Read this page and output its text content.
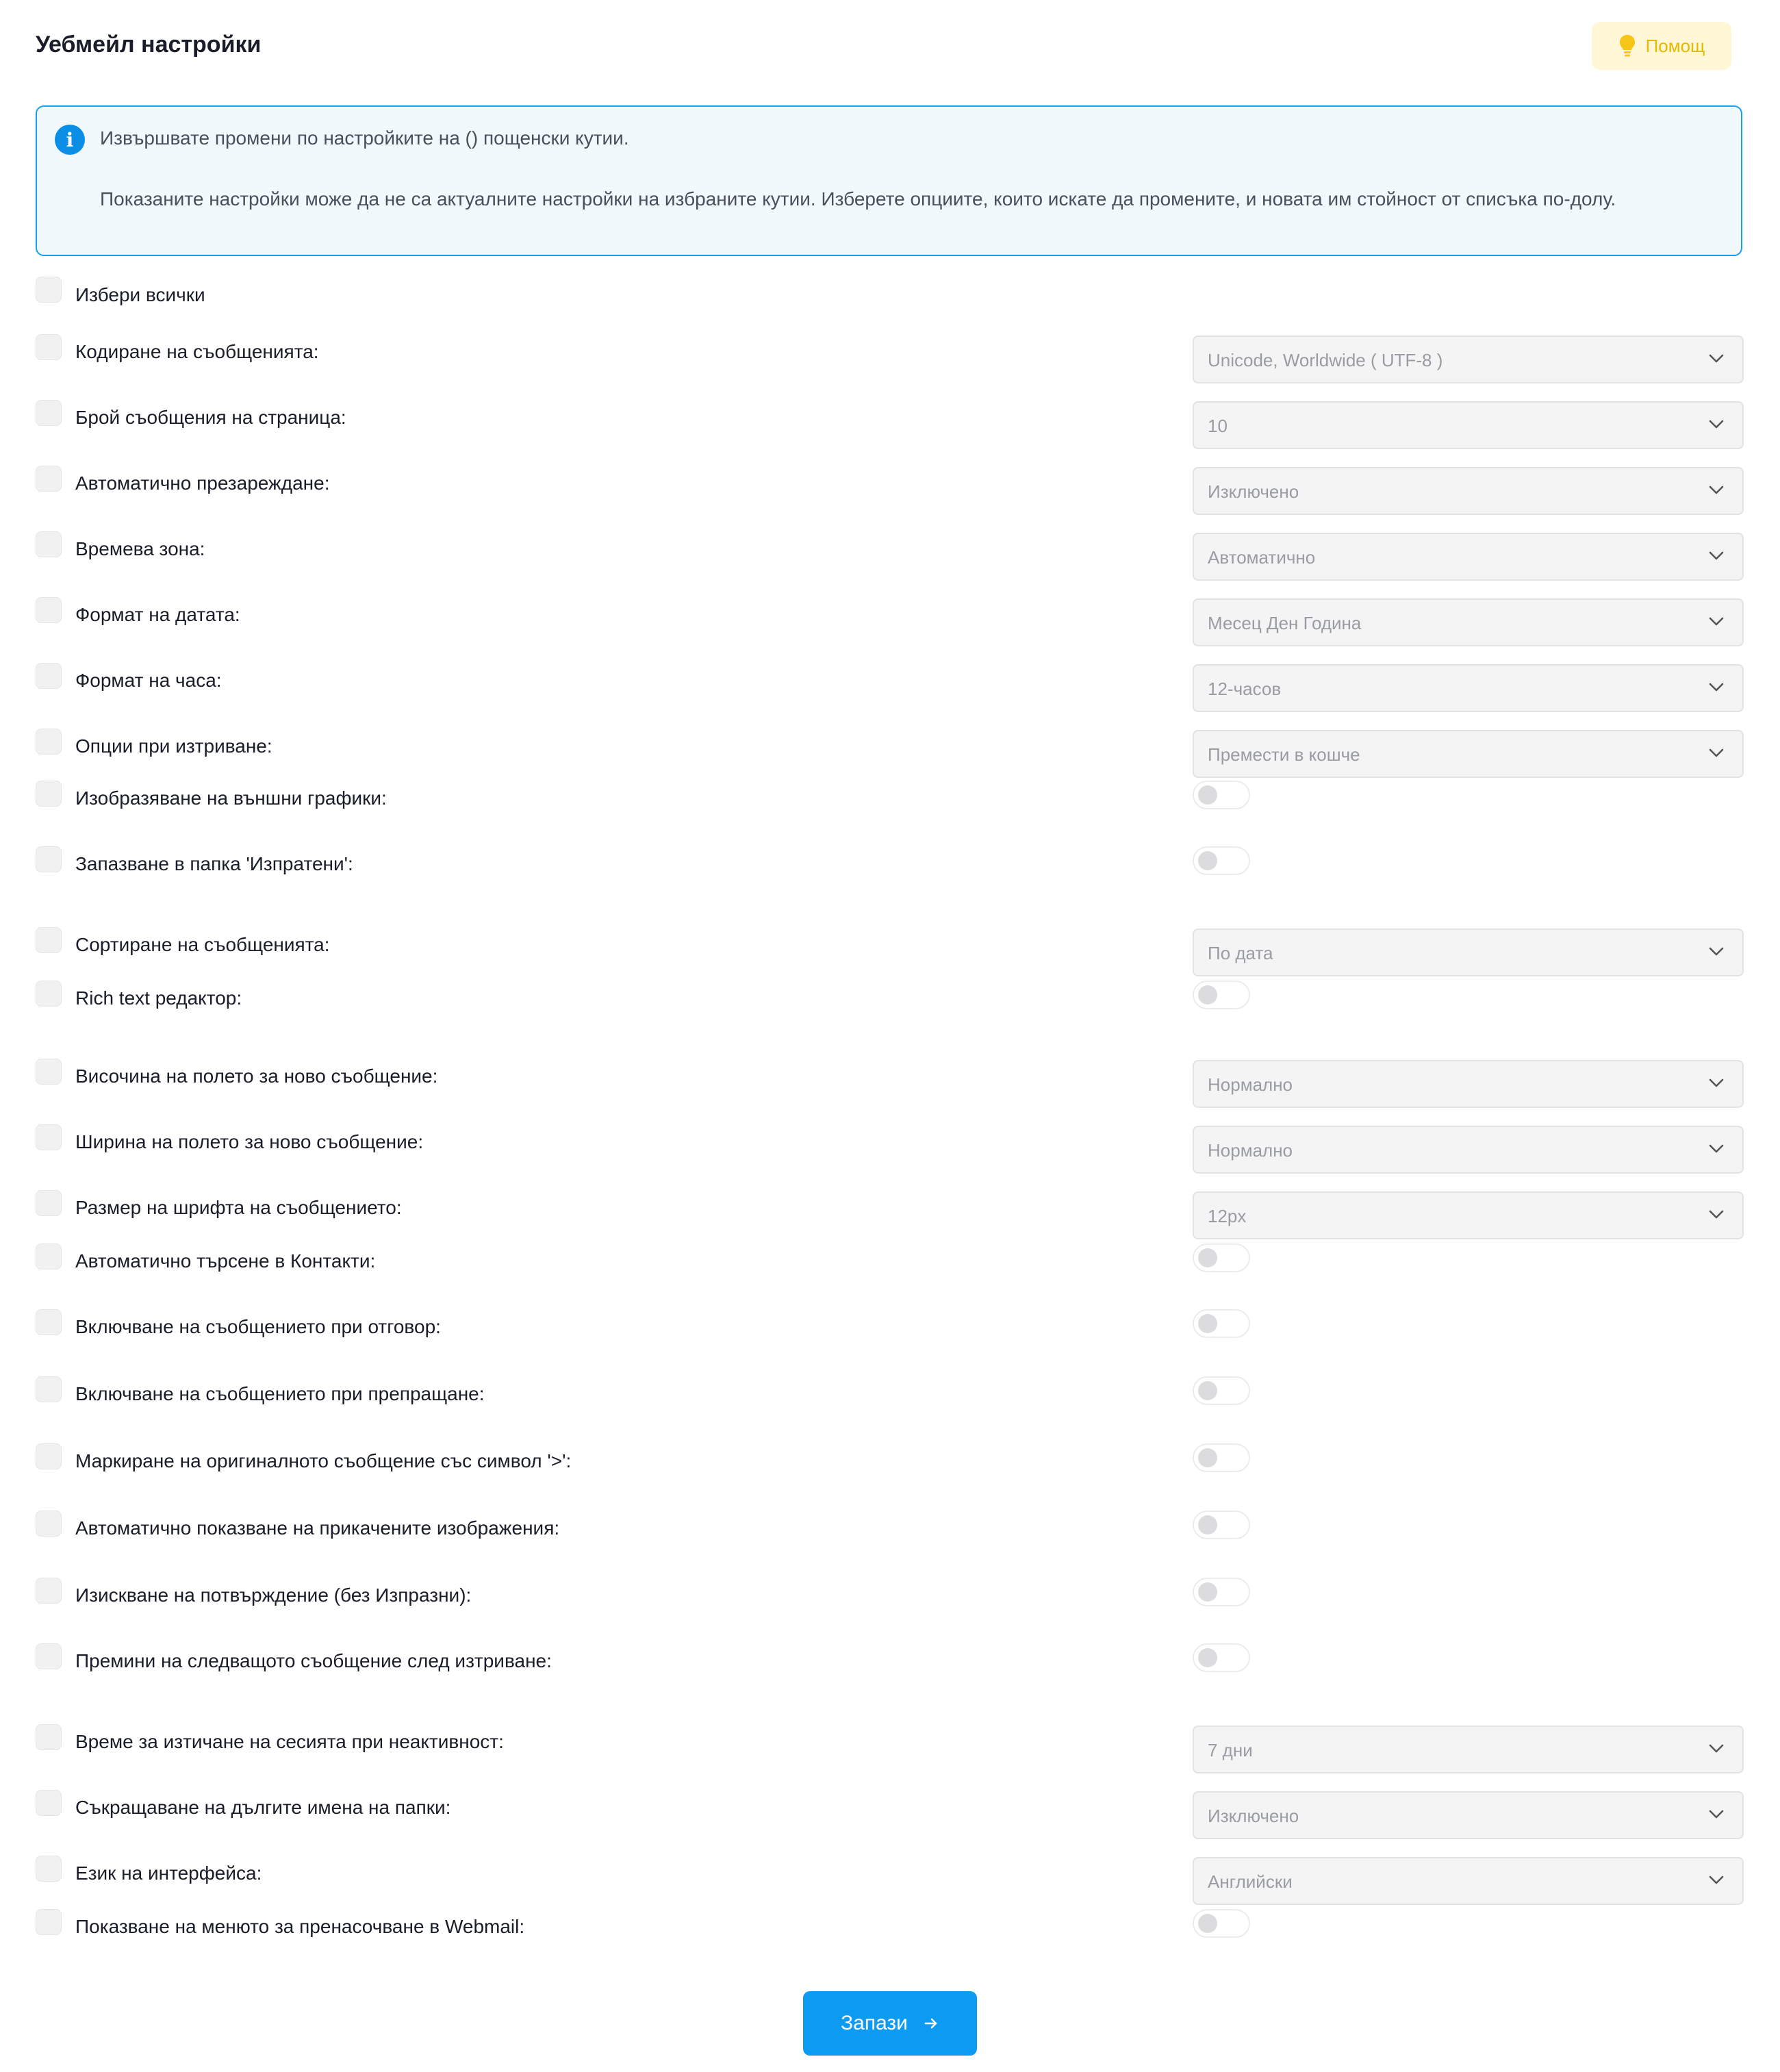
Уебмейл настройки	Помощ
i	Извършвате промени по настройките на () пощенски кутии.
Показаните настройки може да не са актуалните настройки на избраните кутии. Изберете опциите, които искате да промените, и новата им стойност от списъка по-долу.
Кодиране на съобщенията:	Unicode, Worldwide ( UTF-8 )
Брой съобщения на страница:	10
Автоматично презареждане:	Изключено
Времева зона:	Автоматично
Формат на датата:	Месец Ден Година
Формат на часа:	12-часов
Опции при изтриване:	Премести в кошче
Изобразяване на външни графики:
Запазване в папка 'Изпратени':
Сортиране на съобщенията:	По дата
Rich text редактор:
Височина на полето за ново съобщение:	Нормално
Ширина на полето за ново съобщение:	Нормално
Размер на шрифта на съобщението:	12px
Автоматично търсене в Контакти:
Включване на съобщението при отговор:
Включване на съобщението при препращане:
Маркиране на оригиналното съобщение със символ '>':
Автоматично показване на прикачените изображения:
Изискване на потвърждение (без Изпразни):
Премини на следващото съобщение след изтриване:
Време за изтичане на сесията при неактивност:	7 дни
Съкращаване на дългите имена на папки:	Изключено
Език на интерфейса:	Английски
Показване на менюто за пренасочване в Webmail:
Избери всички
Запази
